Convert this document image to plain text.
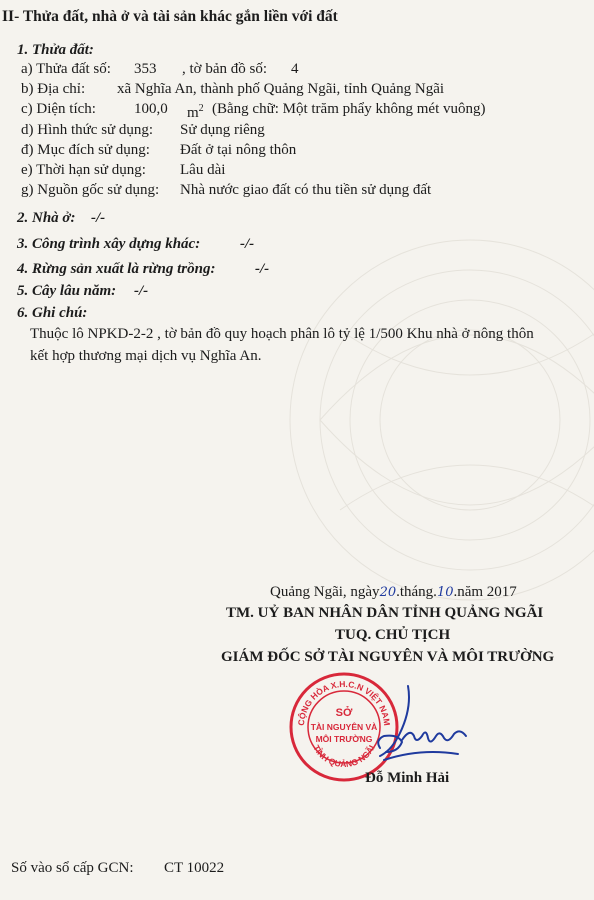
II- Thửa đất, nhà ở và tài sản khác gắn liền với đất
1. Thửa đất:
a) Thửa đất số: 353 , tờ bản đồ số: 4
b) Địa chỉ: xã Nghĩa An, thành phố Quảng Ngãi, tỉnh Quảng Ngãi
c) Diện tích:	100,0 $m^2$ (Bằng chữ: Một trăm phẩy không mét vuông)
d) Hình thức sử dụng: Sử dụng riêng
đ) Mục đích sử dụng: Đất ở tại nông thôn
e) Thời hạn sử dụng: Lâu dài
g) Nguồn gốc sử dụng: Nhà nước giao đất có thu tiền sử dụng đất
2. Nhà ở: -/-
3. Công trình xây dựng khác:	-/-
4. Rừng sản xuất là rừng trồng:	-/-
5. Cây lâu năm: -/-
6. Ghi chú:
Thuộc lô NPKD-2-2 , tờ bản đồ quy hoạch phân lô tỷ lệ 1/500 Khu nhà ở nông thôn
kết hợp thương mại dịch vụ Nghĩa An.
Quảng Ngãi, ngày20.tháng.10.năm 2017
TM. UỶ BAN NHÂN DÂN TỈNH QUẢNG NGÃI
TUQ. CHỦ TỊCH
GIÁM ĐỐC SỞ TÀI NGUYÊN VÀ MÔI TRƯỜNG
CỘNG HÒA X.H.C.N VIỆT NAM
TỈNH QUẢNG NGÃI
SỞ
TÀI NGUYÊN VÀ
MÔI TRƯỜNG
Đỗ Minh Hải
Số vào sổ cấp GCN: CT 10022
